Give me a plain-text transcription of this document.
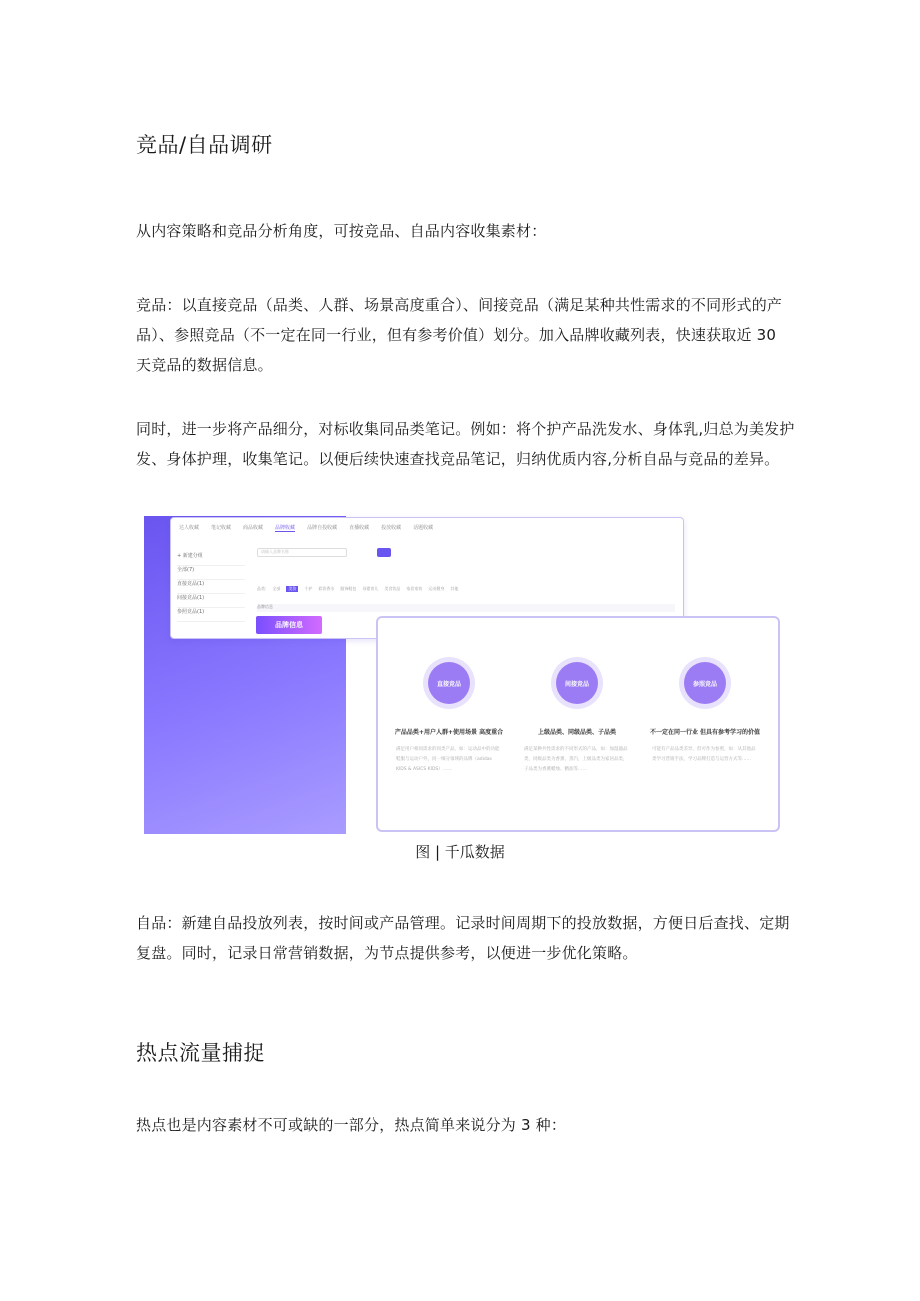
竞品/自品调研

从内容策略和竞品分析角度，可按竞品、自品内容收集素材：

竞品：以直接竞品（品类、人群、场景高度重合）、间接竞品（满足某种共性需求的不同形式的产品）、参照竞品（不一定在同一行业，但有参考价值）划分。加入品牌收藏列表，快速获取近 30 天竞品的数据信息。

同时，进一步将产品细分，对标收集同品类笔记。例如：将个护产品洗发水、身体乳,归总为美发护发、身体护理，收集笔记。以便后续快速查找竞品笔记，归纳优质内容,分析自品与竞品的差异。

达人收藏 笔记收藏 商品收藏 品牌收藏 品牌自投收藏 直播收藏 投放收藏 话题收藏
+ 新建分组
全部(7)
直接竞品(1)
间接竞品(1)
参照竞品(1)
请输入品牌名称
品类: 全部	美妆	个护 彩妆香水 服饰鞋包 母婴育儿 美食饮品 家居家装 运动健身 其他
品牌信息
品牌信息
直接竞品
产品品类+用户人群+使用场景 高度重合
满足用户相同需求的同类产品，如：运动品中的功能鞋服与运动户外，同一细分领域的品牌（adidas KIDS & ASICS KIDS）……
间接竞品
上级品类、同级品类、子品类
满足某种共性需求的不同形式的产品，如：加湿器品类，同级品类为香薰、蒸汽，上级品类为家居品类，子品类为香薰蜡烛、精油等……
参照竞品
不一定在同一行业 但具有参考学习的价值
可能有产品品类差异，但可作为参照，如：从其他品类学习营销手法，学习品牌打造与运营方式等……
图 | 千瓜数据

自品：新建自品投放列表，按时间或产品管理。记录时间周期下的投放数据，方便日后查找、定期复盘。同时，记录日常营销数据，为节点提供参考，以便进一步优化策略。

热点流量捕捉

热点也是内容素材不可或缺的一部分，热点简单来说分为 3 种：
